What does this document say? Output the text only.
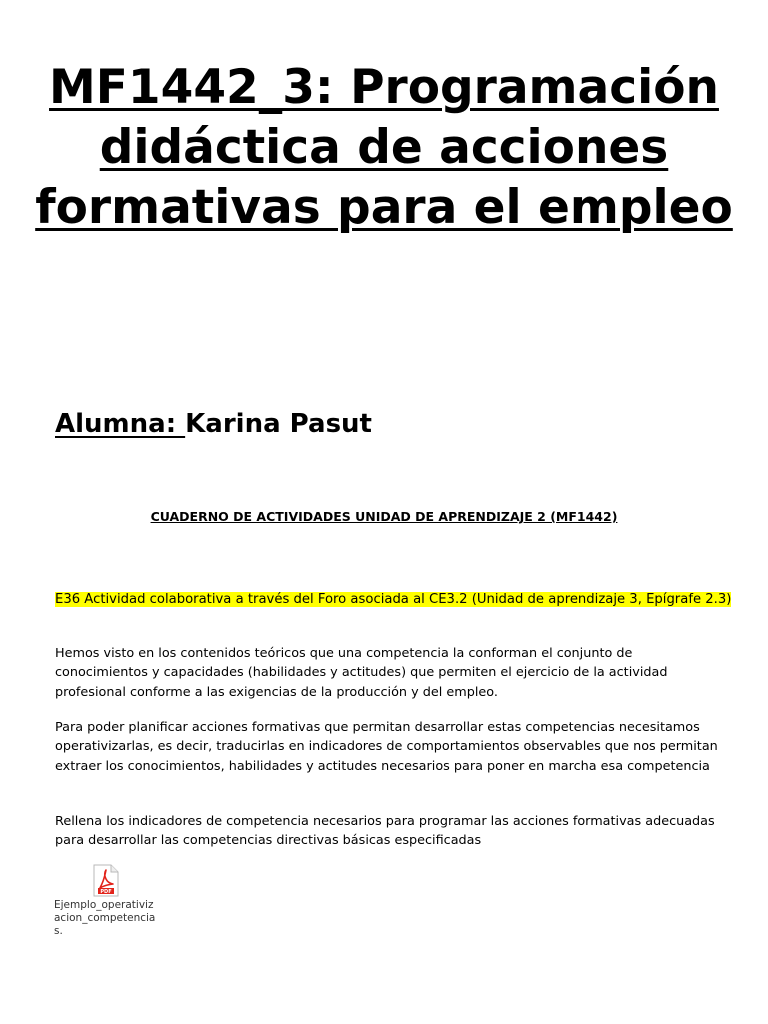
MF1442_3: Programación didáctica de acciones formativas para el empleo
Alumna: Karina Pasut
CUADERNO DE ACTIVIDADES UNIDAD DE APRENDIZAJE 2 (MF1442)

E36 Actividad colaborativa a través del Foro asociada al CE3.2 (Unidad de aprendizaje 3, Epígrafe 2.3)

Hemos visto en los contenidos teóricos que una competencia la conforman el conjunto de conocimientos y capacidades (habilidades y actitudes) que permiten el ejercicio de la actividad profesional conforme a las exigencias de la producción y del empleo.

Para poder planificar acciones formativas que permitan desarrollar estas competencias necesitamos operativizarlas, es decir, traducirlas en indicadores de comportamientos observables que nos permitan extraer los conocimientos, habilidades y actitudes necesarios para poner en marcha esa competencia

Rellena los indicadores de competencia necesarios para programar las acciones formativas adecuadas para desarrollar las competencias directivas básicas especificadas

PDF
Ejemplo_operativizacion_competencias.
